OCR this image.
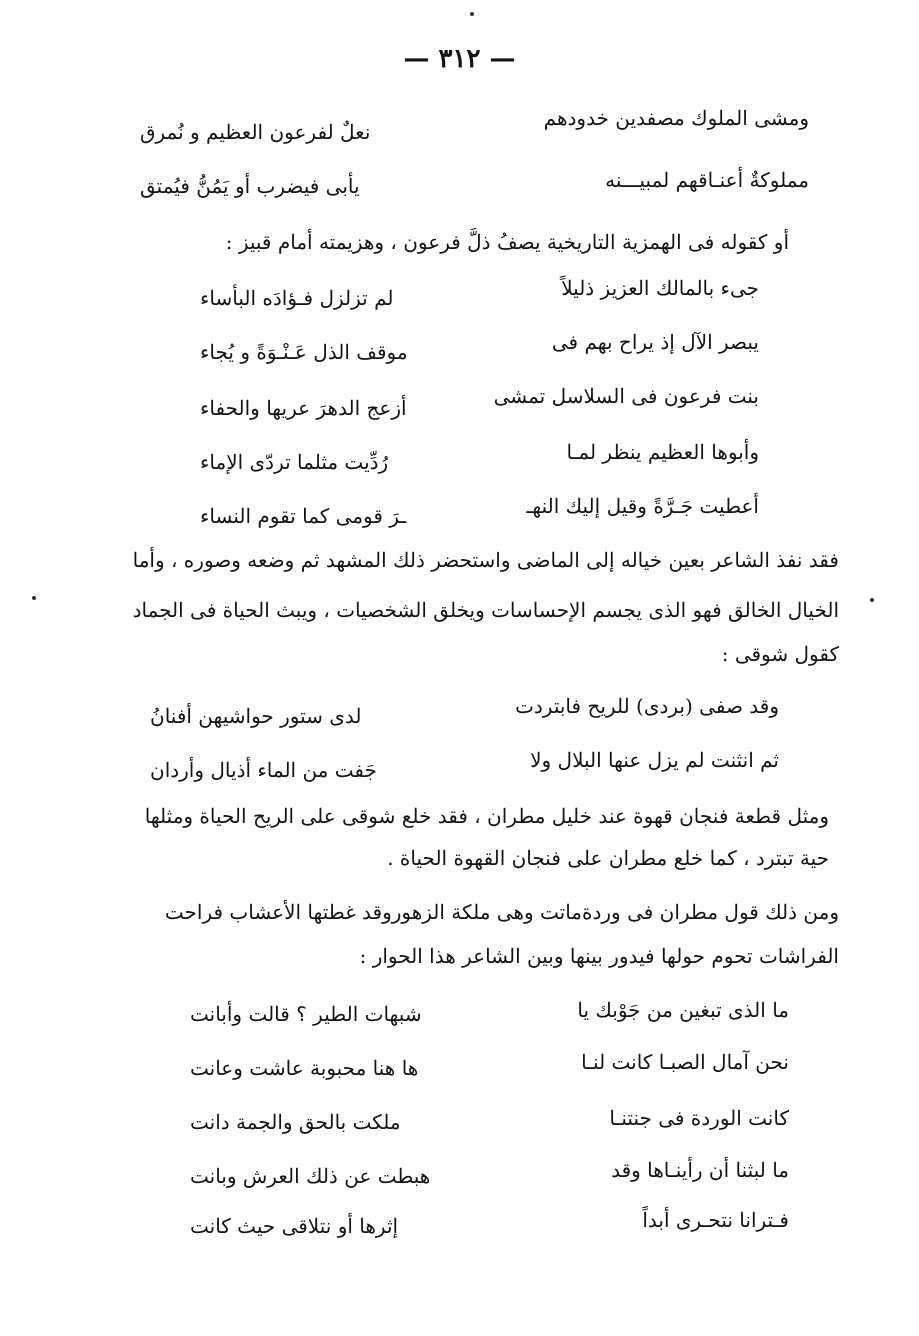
— ٣١٢ —
ومشى الملوك مصفدين خدودهم
نعلٌ لفرعون العظيم و نُمرق
مملوكةٌ أعنـاقهم لمبيـــنه
يأبى فيضرب أو يَمُنُّ فيُمتق
أو كقوله فى الهمزية التاريخية يصفُ ذلَّ فرعون ، وهزيمته أمام قبيز :
جىء بالمالك العزيز ذليلاً
لم تزلزل فـؤادَه البأساء
يبصر الآل إذ يراح بهم فى
موقف الذل عَـنْـوَةً و يُجاء
بنت فرعون فى السلاسل تمشى
أزعج الدهرَ عريها والحفاء
وأبوها العظيم ينظر لمـا
رُدِّيت مثلما تردّى الإماء
أعطيت جَـرَّةً وقيل إليك النهـ
ـرَ قومى كما تقوم النساء
فقد نفذ الشاعر بعين خياله إلى الماضى واستحضر ذلك المشهد ثم وضعه وصوره ، وأما
الخيال الخالق فهو الذى يجسم الإحساسات ويخلق الشخصيات ، ويبث الحياة فى الجماد
كقول شوقى :
وقد صفى (بردى) للريح فابتردت
لدى ستور حواشيهن أفنانُ
ثم انثنت لم يزل عنها البلال ولا
جَفت من الماء أذيال وأردان
ومثل قطعة فنجان قهوة عند خليل مطران ، فقد خلع شوقى على الريح الحياة ومثلها
حية تبترد ، كما خلع مطران على فنجان القهوة الحياة .
ومن ذلك قول مطران فى وردةماتت وهى ملكة الزهوروقد غطتها الأعشاب فراحت
الفراشات تحوم حولها فيدور بينها وبين الشاعر هذا الحوار :
ما الذى تبغين من جَوْبك يا
شبهات الطير ؟ قالت وأبانت
نحن آمال الصبـا كانت لنـا
ها هنا محبوبة عاشت وعانت
كانت الوردة فى جنتنـا
ملكت بالحق والجمة دانت
ما لبثنا أن رأينـاها وقد
هبطت عن ذلك العرش وبانت
فـترانا نتحـرى أبداً
إثرها أو نتلاقى حيث كانت
